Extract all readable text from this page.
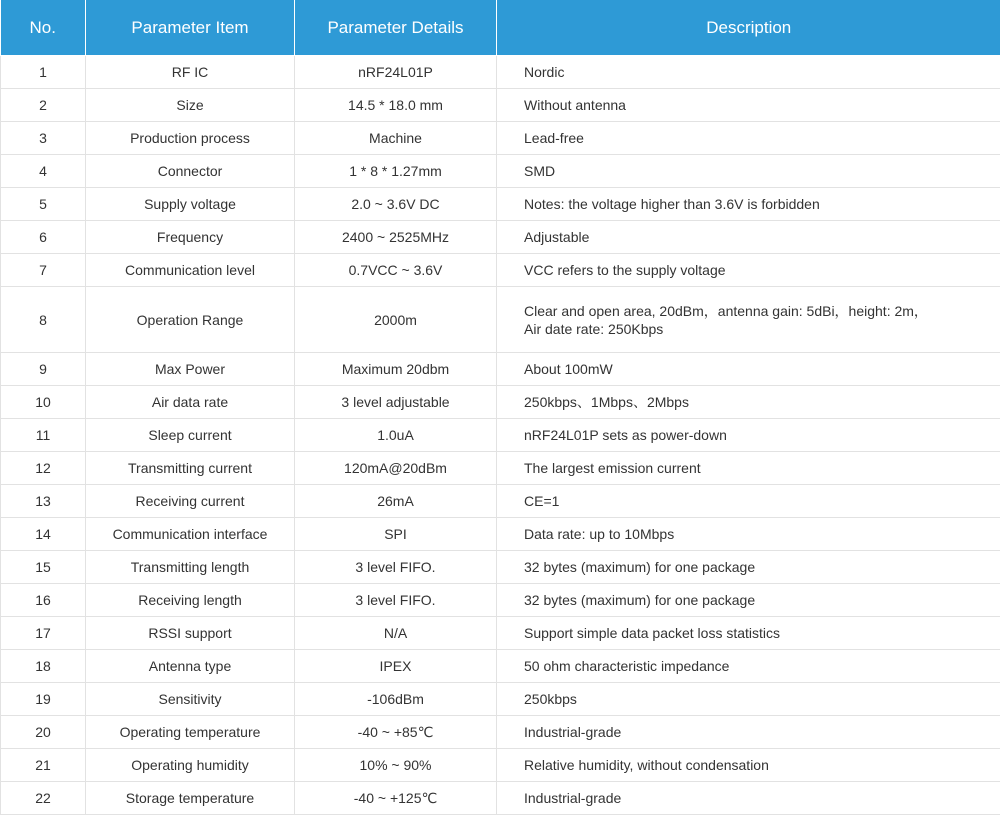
No.	Parameter Item	Parameter Details	Description
1	RF IC	nRF24L01P	Nordic
2	Size	14.5 * 18.0 mm	Without antenna
3	Production process	Machine	Lead-free
4	Connector	1 * 8 * 1.27mm	SMD
5	Supply voltage	2.0 ~ 3.6V DC	Notes: the voltage higher than 3.6V is forbidden
6	Frequency	2400 ~ 2525MHz	Adjustable
7	Communication level	0.7VCC ~ 3.6V	VCC refers to the supply voltage
8	Operation Range	2000m	Clear and open area, 20dBm，antenna gain: 5dBi，height: 2m，
Air date rate: 250Kbps

9	Max Power	Maximum 20dbm	About 100mW
10	Air data rate	3 level adjustable	250kbps、1Mbps、2Mbps
11	Sleep current	1.0uA	nRF24L01P sets as power-down
12	Transmitting current	120mA@20dBm	The largest emission current
13	Receiving current	26mA	CE=1
14	Communication interface	SPI	Data rate: up to 10Mbps
15	Transmitting length	3 level FIFO.	32 bytes (maximum) for one package
16	Receiving length	3 level FIFO.	32 bytes (maximum) for one package
17	RSSI support	N/A	Support simple data packet loss statistics
18	Antenna type	IPEX	50 ohm characteristic impedance
19	Sensitivity	-106dBm	250kbps
20	Operating temperature	-40 ~ +85℃	Industrial-grade
21	Operating humidity	10% ~ 90%	Relative humidity, without condensation
22	Storage temperature	-40 ~ +125℃	Industrial-grade
